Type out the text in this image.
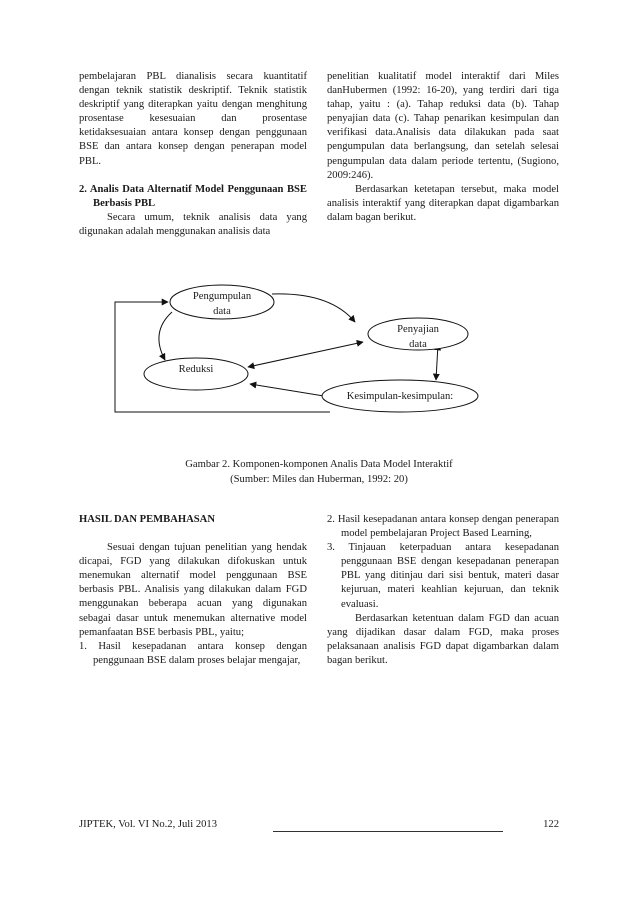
pembelajaran PBL dianalisis secara kuantitatif dengan teknik statistik deskriptif. Teknik statistik deskriptif yang diterapkan yaitu dengan menghitung prosentase kesesuaian dan prosentase ketidaksesuaian antara konsep dengan penggunaan BSE dan antara konsep dengan penerapan model PBL.

2. Analis Data Alternatif Model Penggunaan BSE Berbasis PBL

Secara umum, teknik analisis data yang digunakan adalah menggunakan analisis data

penelitian kualitatif model interaktif dari Miles danHubermen (1992: 16-20), yang terdiri dari tiga tahap, yaitu : (a). Tahap reduksi data (b). Tahap penyajian data (c). Tahap penarikan kesimpulan dan verifikasi data.Analisis data dilakukan pada saat pengumpulan data berlangsung, dan setelah selesai pengumpulan data dalam periode tertentu, (Sugiono, 2009:246).

Berdasarkan ketetapan tersebut, maka model analisis interaktif yang diterapkan dapat digambarkan dalam bagan berikut.

Pengumpulan
data
Penyajian
data
Reduksi
Kesimpulan-kesimpulan:
Gambar 2. Komponen-komponen Analis Data Model Interaktif
(Sumber: Miles dan Huberman, 1992: 20)

HASIL DAN PEMBAHASAN

Sesuai dengan tujuan penelitian yang hendak dicapai, FGD yang dilakukan difokuskan untuk menemukan alternatif model penggunaan BSE berbasis PBL. Analisis yang dilakukan dalam FGD menggunakan beberapa acuan yang digunakan sebagai dasar untuk menemukan alternative model pemanfaatan BSE berbasis PBL, yaitu;

1. Hasil kesepadanan antara konsep dengan penggunaan BSE dalam proses belajar mengajar,

2. Hasil kesepadanan antara konsep dengan penerapan model pembelajaran Project Based Learning,

3. Tinjauan keterpaduan antara kesepadanan penggunaan BSE dengan kesepadanan penerapan PBL yang ditinjau dari sisi bentuk, materi dasar kejuruan, materi keahlian kejuruan, dan teknik evaluasi.

Berdasarkan ketentuan dalam FGD dan acuan yang dijadikan dasar dalam FGD, maka proses pelaksanaan analisis FGD dapat digambarkan dalam bagan berikut.

JIPTEK, Vol. VI No.2, Juli 2013	122
